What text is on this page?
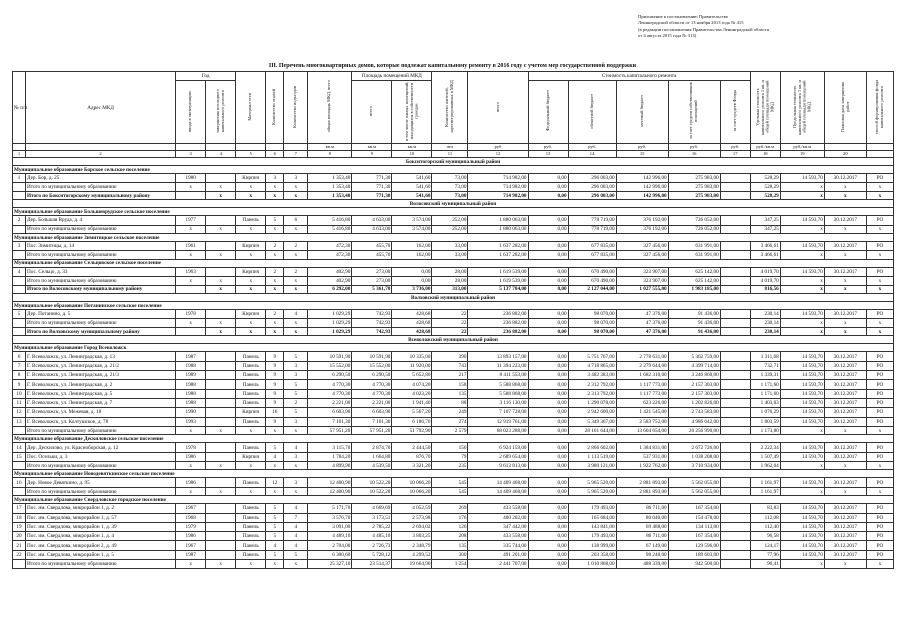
Приложение к постановлению Правительства
Ленинградской области от 13 ноября 2013 года № 415
(в редакции постановления Правительства Ленинградской области
от 4 августа 2015 года № 313)
III. Перечень многоквартирных домов, которые подлежат капитальному ремонту в 2016 году с учетом мер государственной поддержки
№ п/п	Адрес МКД	Год		Материал стен	Количество этажей	Количество подъездов	общая площадь МКД, всего	Площадь помещений МКД		Количество жителей, зарегистрированных в МКД	всего	Стоимость капитального ремонта					Удельная стоимость капитального ремонта 1 кв. м общей площади помещений МКД	Предельная стоимость капитального ремонта 1 кв. м общей площади помещений МКД	Плановая дата завершения работ	способ формирования фонда капитального ремонта
		ввода в эксплуатацию	завершения последнего капитального ремонта					всего	в том числе жилых помещений, находящихся в собственности граждан			Федеральный бюджет	областной бюджет	местный бюджет	за счет средств собственников помещений	за счет средств Фонда				
							кв.м	кв.м	кв.м	чел	руб	руб.	руб.	руб.	руб.	руб.	руб./кв.м	руб./кв.м		
1	2	3	4	5	6	7	8	9	10	11	12	13	14	15	16	17	18	19	20	
Бокситогорский муниципальный район																				
Муниципальное образование Борское сельское поселение																				
1	Дер. Бор, д. 25	1980		Кирпич	3	3	1 353,40	771,30	541,60	73,00	714 982,00	0,00	296 003,00	142 996,00	275 983,00		528,29	14 593,70	30.12.2017	РО
	Итого по муниципальному образованию	х	х	х	х	х	1 353,40	771,30	541,60	73,00	714 982,00	0,00	296 003,00	142 996,00	275 983,00		528,29	х	х	х
	Итого по Бокситогорскому муниципальному району		х	х	х	х	1 353,40	771,30	541,60	73,00	714 982,00	0,00	296 003,00	142 996,00	275 983,00		528,29	х	х	х
Волосовский муниципальный район																				
Муниципальное образование Большеврудское сельское поселение																				
2	Дер. Большая Вруда, д. 4	1977		Панель	5	6	5 416,80	4 633,00	3 574,00	252,00	1 880 063,00	0,00	778 719,00	376 192,00	726 052,00		347,25	14 593,70	30.12.2017	РО
	Итого по муниципальному образованию	х	х	х	х	х	5 416,80	4 633,00	3 574,00	252,00	1 880 063,00	0,00	778 719,00	376 192,00	726 052,00		347,25	х	х	х
Муниципальное образование Зимитицкое сельское поселение																				
3	Пос. Зимитицы, д. 14	1961		Кирпич	2	2	472,30	455,70	162,00	33,00	1 637 282,00	0,00	677 835,00	327 456,00	631 991,00		3 466,61	14 593,70	30.12.2017	РО
	Итого по муниципальному образованию	х	х	х	х	х	472,30	455,70	162,00	33,00	1 637 282,00	0,00	677 835,00	327 456,00	631 991,00		3 466,61	х	х	х
Муниципальное образование Сельцовское сельское поселение																				
4	Пос. Сельцо, д. 33	1963		Кирпич	2	2	402,90	273,00	0,00	28,00	1 619 539,00	0,00	670 490,00	323 907,00	625 142,00		4 019,70	14 593,70	30.12.2017	РО
	Итого по муниципальному образованию	х	х	х	х	х	402,90	273,00	0,00	28,00	1 619 539,00	0,00	670 490,00	323 907,00	625 142,00		4 019,70	х	х	х
	Итого по Волосовскому муниципальному району		х	х	х	х	6 292,00	5 361,70	3 736,00	313,00	5 137 784,00	0,00	2 127 044,00	1 027 555,00	1 983 185,00		816,56	х	х	х
Волховский муниципальный район																				
Муниципальное образование Потанинское сельское поселение																				
5	Дер. Потанино, д. 5	1978		Кирпич	2	4	1 029,29	742,93	428,68	22	236 882,00	0,00	98 070,00	47 376,00	91 436,00		230,14	14 593,70	30.12.2017	РО
	Итого по муниципальному образованию	х	х	х	х	х	1 029,29	742,93	428,68	22	236 882,00	0,00	98 070,00	47 376,00	91 436,00		230,14	х	х	х
	Итого по Волховскому муниципальному району		х	х	х	х	1 029,29	742,93	428,68	22	236 882,00	0,00	98 070,00	47 376,00	91 436,00		230,14	х	х	х
Всеволожский муниципальный район																				
Муниципальное образование Город Всеволожск																				
6	Г. Всеволожск, ул. Ленинградская, д. 13	1987		Панель	9	5	10 591,90	10 591,90	10 335,00	390	13 893 157,00	0,00	5 751 767,00	2 778 631,00	5 362 759,00		1 311,68	14 593,70	30.12.2017	РО
7	Г. Всеволожск, ул. Ленинградская, д. 21/2	1988		Панель	9	3	15 552,00	15 552,00	11 920,00	743	11 394 223,00	0,00	4 718 865,00	2 279 644,00	4 399 714,00		732,71	14 593,70	30.12.2017	РО
8	Г. Всеволожск, ул. Ленинградская, д. 21/3	1989		Панель	9	3	6 290,50	6 290,50	5 652,80	217	8 411 553,00	0,00	3 482 383,00	1 682 310,00	3 246 860,00		1 339,31	14 593,70	30.12.2017	РО
9	Г. Всеволожск, ул. Ленинградская, д. 2	1988		Панель	9	5	4 770,30	4 770,30	4 074,20	158	5 588 868,00	0,00	2 312 792,00	1 117 773,00	2 157 303,00		1 171,60	14 593,70	30.12.2017	РО
10	Г. Всеволожск, ул. Ленинградская, д. 5	1988		Панель	9	5	4 770,30	4 770,30	4 023,20	135	5 588 868,00	0,00	2 313 792,00	1 117 773,00	2 157 303,00		1 171,60	14 593,70	30.12.2017	РО
11	Г. Всеволожск, ул. Ленинградская, д. 7	1988		Панель	9	2	2 221,00	2 221,00	1 941,40	88	3 116 130,00	0,00	1 290 078,00	623 226,00	1 202 826,00		1 403,03	14 593,70	30.12.2017	РО
12	Г. Всеволожск, ул. Межевая, д. 18	1990		Кирпич	16	5	6 603,90	6 603,90	5 567,20	249	7 107 728,00	0,00	2 942 600,00	1 421 545,00	2 743 583,00		1 076,29	14 593,70	30.12.2017	РО
13	Г. Всеволожск, ул. Колтушское, д. 78	1993		Панель	9	3	7 161,30	7 161,30	6 186,70	274	12 919 761,00	0,00	5 349 367,00	2 583 752,00	4 986 642,00		1 803,59	14 593,70	30.12.2017	РО
	Итого по муниципальному образованию	х	х	х	х	х	57 951,20	57 951,20	51 792,90	2 579	68 023 288,00	0,00	28 161 644,00	13 604 654,00	26 256 990,00		1 173,80	х	х	х
Муниципальное образование Дескиловское сельское поселение																				
14	Дер. Дескилово, ул. Красноборская, д. 12	1978		Панель	5	4	3 115,70	2 874,70	2 444,50	156	6 924 159,00	0,00	2 866 602,00	1 384 831,00	2 672 726,00		2 222,34	14 593,70	30.12.2017	РО
15	Пос. Осельки, д. 3	1986		Кирпич	4	3	1 784,20	1 664,80	876,70	79	2 689 654,00	0,00	1 113 519,00	537 931,00	1 038 208,00		1 507,49	14 593,70	30.12.2017	РО
	Итого по муниципальному образованию	х	х	х	х	х	4 899,90	4 539,50	3 321,20	235	9 613 813,00	0,00	3 980 121,00	1 922 762,00	3 710 934,00		1 962,04	х	х	х
Муниципальное образование Новодевяткинское сельское поселение																				
16	Дер. Новое Девяткино, д. 95	1986		Панель	12	3	12 400,90	10 522,20	10 066,20	545	14 409 468,00	0,00	5 965 520,00	2 881 893,00	5 562 055,00		1 161,97	14 593,70	30.12.2017	РО
	Итого по муниципальному образованию	х	х	х	х	х	12 400,90	10 522,20	10 066,20	545	14 409 468,00	0,00	5 965 520,00	2 881 893,00	5 562 055,00		1 161,97	х	х	х
Муниципальное образование Свердловское городское поселение																				
17	Пос. им. Свердлова, микрорайон 1, д. 2	1967		Панель	5	4	5 171,70	4 669,69	4 052,59	269	433 558,00	0,00	179 493,00	86 711,00	167 354,00		83,83	14 593,70	30.12.2017	РО
18	Пос. им. Свердлова, микрорайон 1, д. 57	1968		Панель	5	7	3 576,70	3 173,51	2 573,98	176	400 202,00	0,00	165 684,00	80 040,00	154 478,00		112,08	14 593,70	30.12.2017	РО
19	Пос. им. Свердлова, микрорайон 1, д. 39	1979		Панель	5	4	3 091,00	2 785,22	2 694,02	126	347 442,00	0,00	143 841,00	69 488,00	134 113,00		112,40	14 593,70	30.12.2017	РО
20	Пос. им. Свердлова, микрорайон 1, д. 4	1986		Панель	5	4	4 489,10	4 485,10	3 803,25	208	433 558,00	0,00	179 493,00	86 711,00	167 354,00		96,58	14 593,70	30.12.2017	РО
21	Пос. им. Свердлова, микрорайон 2, д. 49	1967		Панель	4	4	2 704,00	2 726,73	2 348,79	135	335 744,00	0,00	138 999,00	67 149,00	129 596,00		124,17	14 593,70	30.12.2017	РО
22	Пос. им. Свердлова, микрорайон 1, д. 5	1987		Панель	5	5	6 300,60	5 728,12	4 299,52	300	491 201,00	0,00	203 358,00	98 240,00	189 603,00		77,96	14 593,70	30.12.2017	РО
	Итого по муниципальному образованию	х	х	х	х	х	25 327,10	23 514,37	19 664,90	1 254	2 441 707,00	0,00	1 010 868,00	488 339,00	942 500,00		96,41	х	х	х
